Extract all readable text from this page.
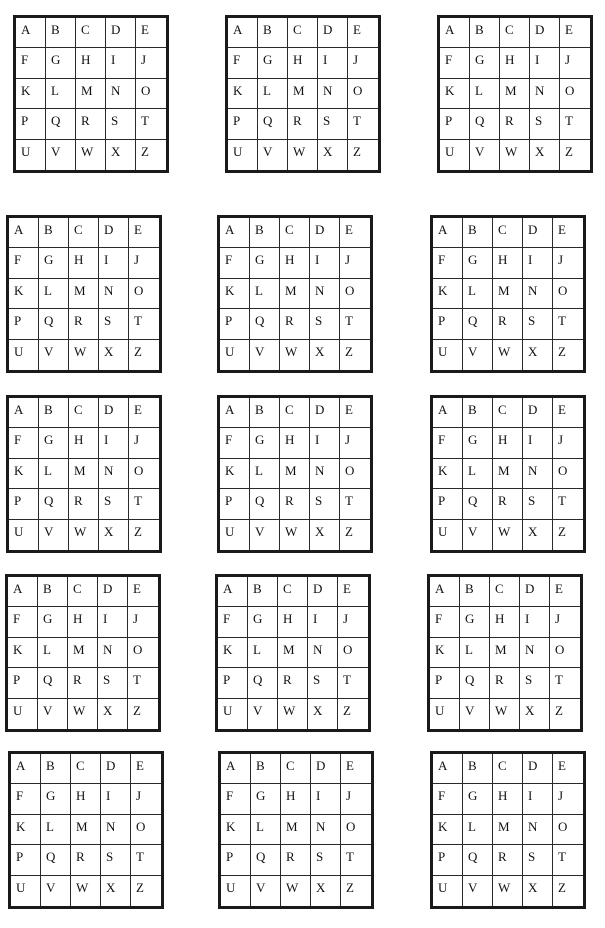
A	B	C	D	E
F	G	H	I	J
K	L	M	N	O
P	Q	R	S	T
U	V	W	X	Z
A	B	C	D	E
F	G	H	I	J
K	L	M	N	O
P	Q	R	S	T
U	V	W	X	Z
A	B	C	D	E
F	G	H	I	J
K	L	M	N	O
P	Q	R	S	T
U	V	W	X	Z
A	B	C	D	E
F	G	H	I	J
K	L	M	N	O
P	Q	R	S	T
U	V	W	X	Z
A	B	C	D	E
F	G	H	I	J
K	L	M	N	O
P	Q	R	S	T
U	V	W	X	Z
A	B	C	D	E
F	G	H	I	J
K	L	M	N	O
P	Q	R	S	T
U	V	W	X	Z
A	B	C	D	E
F	G	H	I	J
K	L	M	N	O
P	Q	R	S	T
U	V	W	X	Z
A	B	C	D	E
F	G	H	I	J
K	L	M	N	O
P	Q	R	S	T
U	V	W	X	Z
A	B	C	D	E
F	G	H	I	J
K	L	M	N	O
P	Q	R	S	T
U	V	W	X	Z
A	B	C	D	E
F	G	H	I	J
K	L	M	N	O
P	Q	R	S	T
U	V	W	X	Z
A	B	C	D	E
F	G	H	I	J
K	L	M	N	O
P	Q	R	S	T
U	V	W	X	Z
A	B	C	D	E
F	G	H	I	J
K	L	M	N	O
P	Q	R	S	T
U	V	W	X	Z
A	B	C	D	E
F	G	H	I	J
K	L	M	N	O
P	Q	R	S	T
U	V	W	X	Z
A	B	C	D	E
F	G	H	I	J
K	L	M	N	O
P	Q	R	S	T
U	V	W	X	Z
A	B	C	D	E
F	G	H	I	J
K	L	M	N	O
P	Q	R	S	T
U	V	W	X	Z
